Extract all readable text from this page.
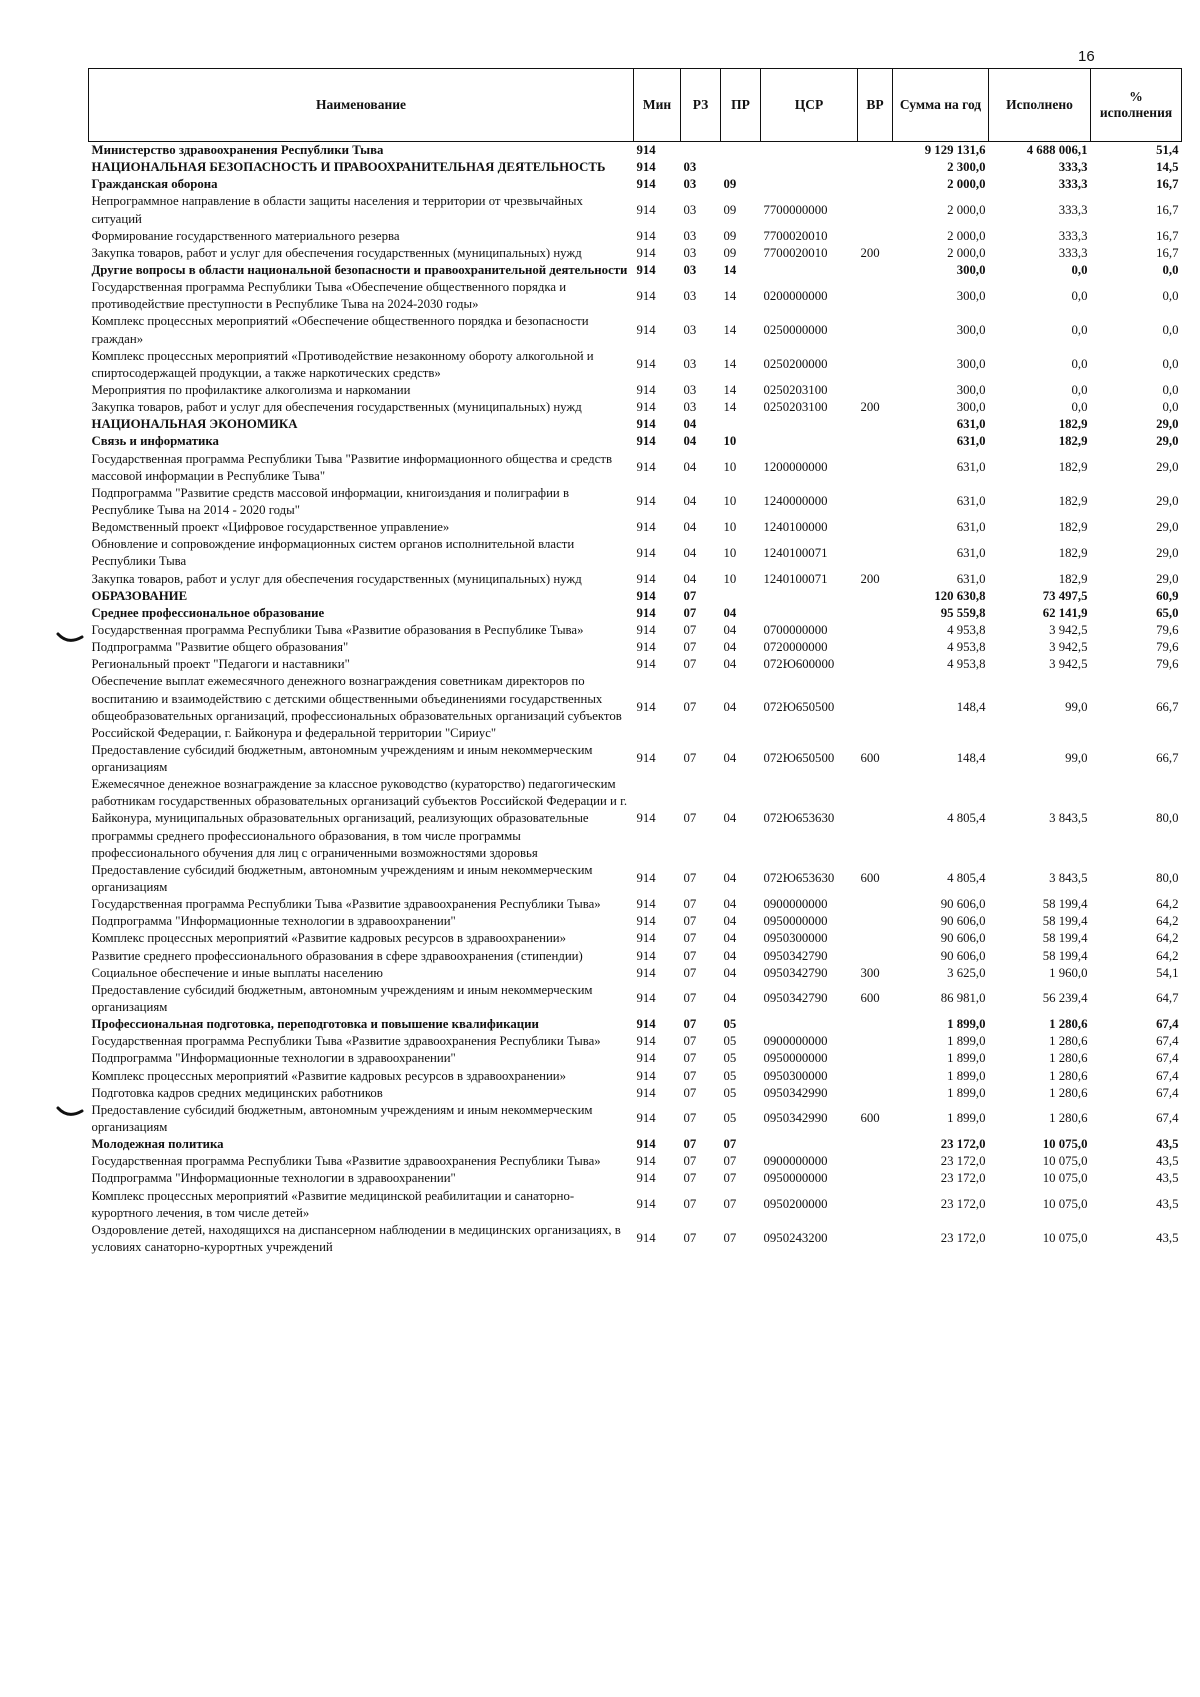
16
Наименование	Мин	РЗ	ПР	ЦСР	ВР	Сумма на год	Исполнено	% исполнения
Министерство здравоохранения Республики Тыва	914					9 129 131,6	4 688 006,1	51,4
НАЦИОНАЛЬНАЯ БЕЗОПАСНОСТЬ И ПРАВООХРАНИТЕЛЬНАЯ ДЕЯТЕЛЬНОСТЬ	914	03				2 300,0	333,3	14,5
Гражданская оборона	914	03	09			2 000,0	333,3	16,7
Непрограммное направление в области защиты населения и территории от чрезвычайных ситуаций	914	03	09	7700000000		2 000,0	333,3	16,7
Формирование государственного материального резерва	914	03	09	7700020010		2 000,0	333,3	16,7
Закупка товаров, работ и услуг для обеспечения государственных (муниципальных) нужд	914	03	09	7700020010	200	2 000,0	333,3	16,7
Другие вопросы в области национальной безопасности и правоохранительной деятельности	914	03	14			300,0	0,0	0,0
Государственная программа Республики Тыва «Обеспечение общественного порядка и противодействие преступности в Республике Тыва на 2024-2030 годы»	914	03	14	0200000000		300,0	0,0	0,0
Комплекс процессных мероприятий «Обеспечение общественного порядка и безопасности граждан»	914	03	14	0250000000		300,0	0,0	0,0
Комплекс процессных мероприятий «Противодействие незаконному обороту алкогольной и спиртосодержащей продукции, а также наркотических средств»	914	03	14	0250200000		300,0	0,0	0,0
Мероприятия по профилактике алкоголизма и наркомании	914	03	14	0250203100		300,0	0,0	0,0
Закупка товаров, работ и услуг для обеспечения государственных (муниципальных) нужд	914	03	14	0250203100	200	300,0	0,0	0,0
НАЦИОНАЛЬНАЯ ЭКОНОМИКА	914	04				631,0	182,9	29,0
Связь и информатика	914	04	10			631,0	182,9	29,0
Государственная программа Республики Тыва "Развитие информационного общества и средств массовой информации в Республике Тыва"	914	04	10	1200000000		631,0	182,9	29,0
Подпрограмма "Развитие средств массовой информации, книгоиздания и полиграфии в Республике Тыва на 2014 - 2020 годы"	914	04	10	1240000000		631,0	182,9	29,0
Ведомственный проект «Цифровое государственное управление»	914	04	10	1240100000		631,0	182,9	29,0
Обновление и сопровождение информационных систем органов исполнительной власти Республики Тыва	914	04	10	1240100071		631,0	182,9	29,0
Закупка товаров, работ и услуг для обеспечения государственных (муниципальных) нужд	914	04	10	1240100071	200	631,0	182,9	29,0
ОБРАЗОВАНИЕ	914	07				120 630,8	73 497,5	60,9
Среднее профессиональное образование	914	07	04			95 559,8	62 141,9	65,0
Государственная программа Республики Тыва «Развитие образования в Республике Тыва»	914	07	04	0700000000		4 953,8	3 942,5	79,6
Подпрограмма "Развитие общего образования"	914	07	04	0720000000		4 953,8	3 942,5	79,6
Региональный проект "Педагоги и наставники"	914	07	04	072Ю600000		4 953,8	3 942,5	79,6
Обеспечение выплат ежемесячного денежного вознаграждения советникам директоров по воспитанию и взаимодействию с детскими общественными объединениями государственных общеобразовательных организаций, профессиональных образовательных организаций субъектов Российской Федерации, г. Байконура и федеральной территории "Сириус"	914	07	04	072Ю650500		148,4	99,0	66,7
Предоставление субсидий бюджетным, автономным учреждениям и иным некоммерческим организациям	914	07	04	072Ю650500	600	148,4	99,0	66,7
Ежемесячное денежное вознаграждение за классное руководство (кураторство) педагогическим работникам государственных образовательных организаций субъектов Российской Федерации и г. Байконура, муниципальных образовательных организаций, реализующих образовательные программы среднего профессионального образования, в том числе программы профессионального обучения для лиц с ограниченными возможностями здоровья	914	07	04	072Ю653630		4 805,4	3 843,5	80,0
Предоставление субсидий бюджетным, автономным учреждениям и иным некоммерческим организациям	914	07	04	072Ю653630	600	4 805,4	3 843,5	80,0
Государственная программа Республики Тыва «Развитие здравоохранения Республики Тыва»	914	07	04	0900000000		90 606,0	58 199,4	64,2
Подпрограмма "Информационные технологии в здравоохранении"	914	07	04	0950000000		90 606,0	58 199,4	64,2
Комплекс процессных мероприятий «Развитие кадровых ресурсов в здравоохранении»	914	07	04	0950300000		90 606,0	58 199,4	64,2
Развитие среднего профессионального образования в сфере здравоохранения (стипендии)	914	07	04	0950342790		90 606,0	58 199,4	64,2
Социальное обеспечение и иные выплаты населению	914	07	04	0950342790	300	3 625,0	1 960,0	54,1
Предоставление субсидий бюджетным, автономным учреждениям и иным некоммерческим организациям	914	07	04	0950342790	600	86 981,0	56 239,4	64,7
Профессиональная подготовка, переподготовка и повышение квалификации	914	07	05			1 899,0	1 280,6	67,4
Государственная программа Республики Тыва «Развитие здравоохранения Республики Тыва»	914	07	05	0900000000		1 899,0	1 280,6	67,4
Подпрограмма "Информационные технологии в здравоохранении"	914	07	05	0950000000		1 899,0	1 280,6	67,4
Комплекс процессных мероприятий «Развитие кадровых ресурсов в здравоохранении»	914	07	05	0950300000		1 899,0	1 280,6	67,4
Подготовка кадров средних медицинских работников	914	07	05	0950342990		1 899,0	1 280,6	67,4
Предоставление субсидий бюджетным, автономным учреждениям и иным некоммерческим организациям	914	07	05	0950342990	600	1 899,0	1 280,6	67,4
Молодежная политика	914	07	07			23 172,0	10 075,0	43,5
Государственная программа Республики Тыва «Развитие здравоохранения Республики Тыва»	914	07	07	0900000000		23 172,0	10 075,0	43,5
Подпрограмма "Информационные технологии в здравоохранении"	914	07	07	0950000000		23 172,0	10 075,0	43,5
Комплекс процессных мероприятий «Развитие медицинской реабилитации и санаторно-курортного лечения, в том числе детей»	914	07	07	0950200000		23 172,0	10 075,0	43,5
Оздоровление детей, находящихся на диспансерном наблюдении в медицинских организациях, в условиях санаторно-курортных учреждений	914	07	07	0950243200		23 172,0	10 075,0	43,5
